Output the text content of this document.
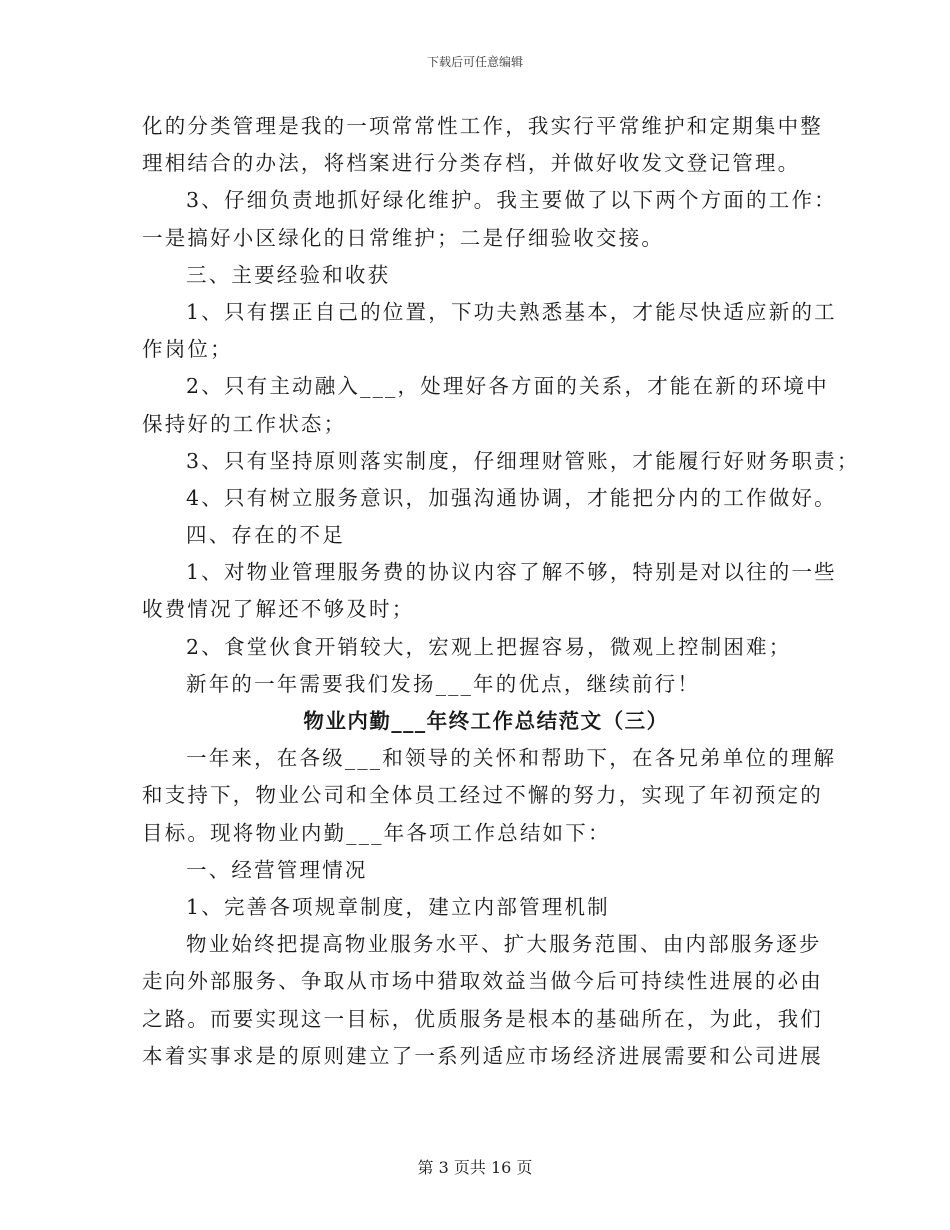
下载后可任意编辑
化的分类管理是我的一项常常性工作，我实行平常维护和定期集中整
理相结合的办法，将档案进行分类存档，并做好收发文登记管理。
3、仔细负责地抓好绿化维护。我主要做了以下两个方面的工作：
一是搞好小区绿化的日常维护；二是仔细验收交接。
三、主要经验和收获
1、只有摆正自己的位置，下功夫熟悉基本，才能尽快适应新的工
作岗位；
2、只有主动融入___，处理好各方面的关系，才能在新的环境中
保持好的工作状态；
3、只有坚持原则落实制度，仔细理财管账，才能履行好财务职责；
4、只有树立服务意识，加强沟通协调，才能把分内的工作做好。
四、存在的不足
1、对物业管理服务费的协议内容了解不够，特别是对以往的一些
收费情况了解还不够及时；
2、食堂伙食开销较大，宏观上把握容易，微观上控制困难；
新年的一年需要我们发扬___年的优点，继续前行！
物业内勤___年终工作总结范文（三）
一年来，在各级___和领导的关怀和帮助下，在各兄弟单位的理解
和支持下，物业公司和全体员工经过不懈的努力，实现了年初预定的
目标。现将物业内勤___年各项工作总结如下：
一、经营管理情况
1、完善各项规章制度，建立内部管理机制
物业始终把提高物业服务水平、扩大服务范围、由内部服务逐步
走向外部服务、争取从市场中猎取效益当做今后可持续性进展的必由
之路。而要实现这一目标，优质服务是根本的基础所在，为此，我们
本着实事求是的原则建立了一系列适应市场经济进展需要和公司进展
第 3 页共 16 页
